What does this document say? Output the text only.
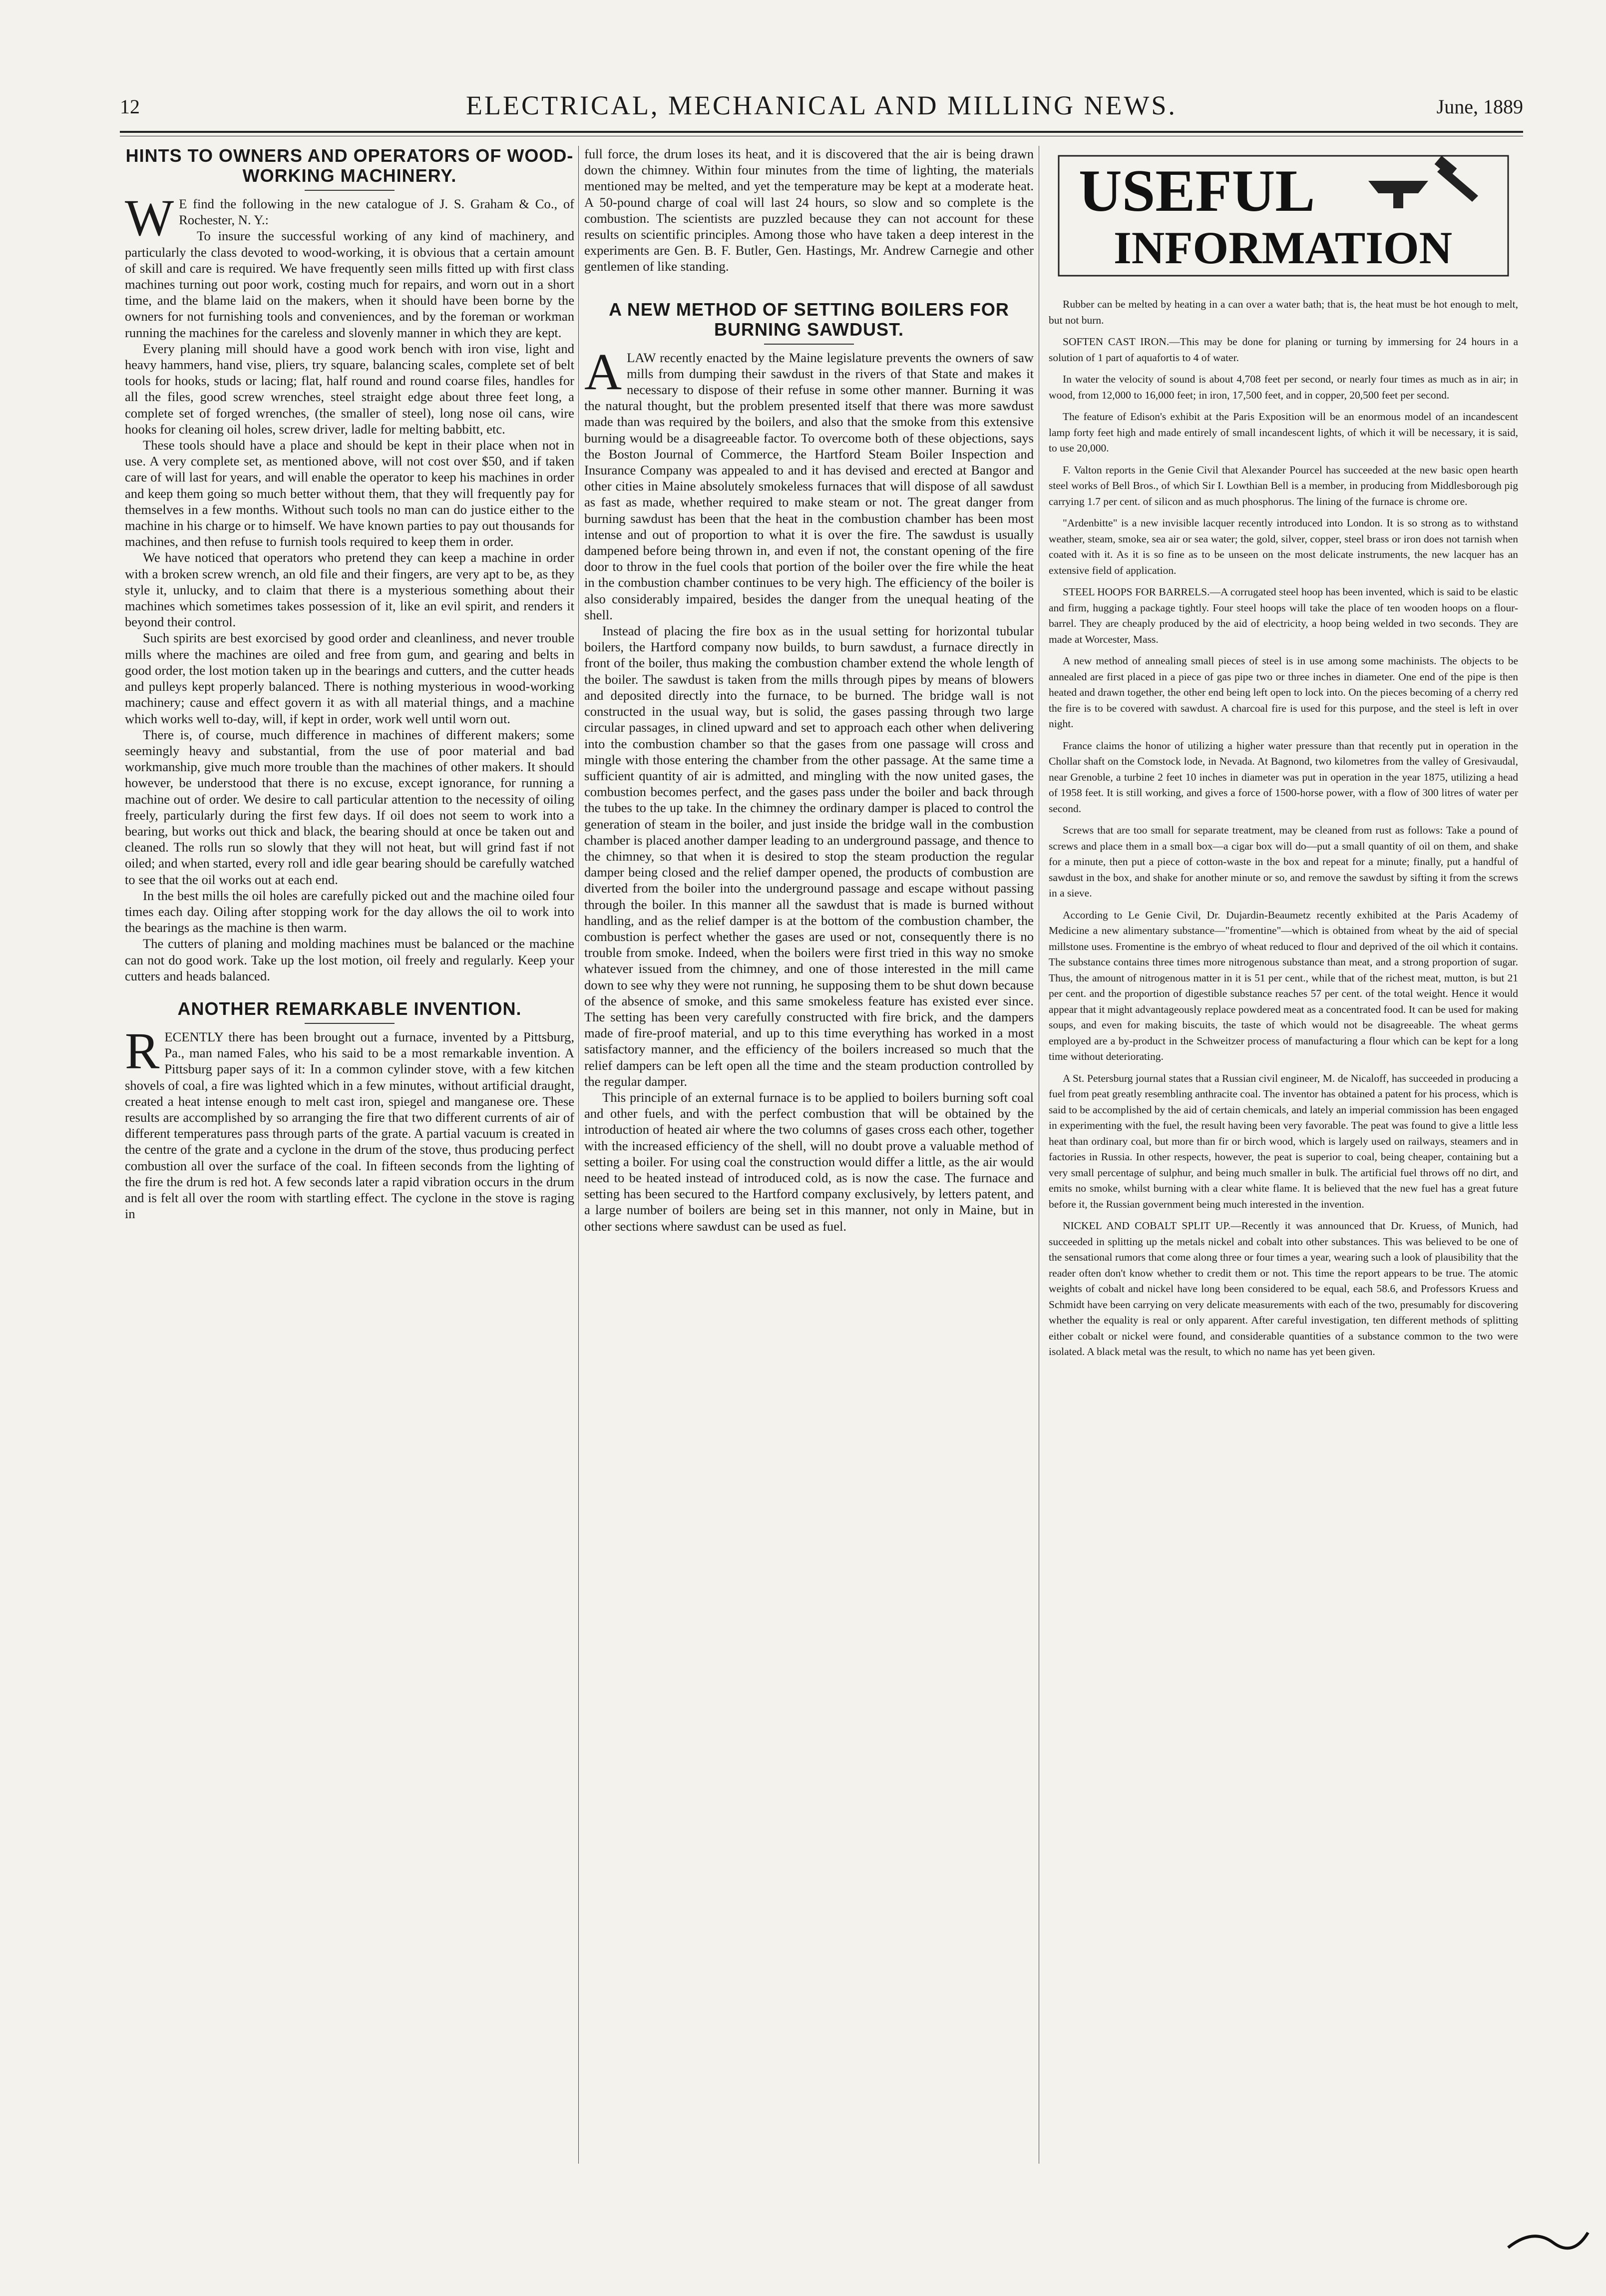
12	ELECTRICAL, MECHANICAL AND MILLING NEWS.	June, 1889
HINTS TO OWNERS AND OPERATORS OF WOOD-WORKING MACHINERY.

W E find the following in the new catalogue of J. S. Graham & Co., of Rochester, N. Y.:

To insure the successful working of any kind of machinery, and particularly the class devoted to wood-working, it is obvious that a certain amount of skill and care is required. We have frequently seen mills fitted up with first class machines turning out poor work, costing much for repairs, and worn out in a short time, and the blame laid on the makers, when it should have been borne by the owners for not furnishing tools and conveniences, and by the foreman or workman running the machines for the careless and slovenly manner in which they are kept.

Every planing mill should have a good work bench with iron vise, light and heavy hammers, hand vise, pliers, try square, balancing scales, complete set of belt tools for hooks, studs or lacing; flat, half round and round coarse files, handles for all the files, good screw wrenches, steel straight edge about three feet long, a complete set of forged wrenches, (the smaller of steel), long nose oil cans, wire hooks for cleaning oil holes, screw driver, ladle for melting babbitt, etc.

These tools should have a place and should be kept in their place when not in use. A very complete set, as mentioned above, will not cost over $50, and if taken care of will last for years, and will enable the operator to keep his machines in order and keep them going so much better without them, that they will frequently pay for themselves in a few months. Without such tools no man can do justice either to the machine in his charge or to himself. We have known parties to pay out thousands for machines, and then refuse to furnish tools required to keep them in order.

We have noticed that operators who pretend they can keep a machine in order with a broken screw wrench, an old file and their fingers, are very apt to be, as they style it, unlucky, and to claim that there is a mysterious something about their machines which sometimes takes possession of it, like an evil spirit, and renders it beyond their control.

Such spirits are best exorcised by good order and cleanliness, and never trouble mills where the machines are oiled and free from gum, and gearing and belts in good order, the lost motion taken up in the bearings and cutters, and the cutter heads and pulleys kept properly balanced. There is nothing mysterious in wood-working machinery; cause and effect govern it as with all material things, and a machine which works well to-day, will, if kept in order, work well until worn out.

There is, of course, much difference in machines of different makers; some seemingly heavy and substantial, from the use of poor material and bad workmanship, give much more trouble than the machines of other makers. It should however, be understood that there is no excuse, except ignorance, for running a machine out of order. We desire to call particular attention to the necessity of oiling freely, particularly during the first few days. If oil does not seem to work into a bearing, but works out thick and black, the bearing should at once be taken out and cleaned. The rolls run so slowly that they will not heat, but will grind fast if not oiled; and when started, every roll and idle gear bearing should be carefully watched to see that the oil works out at each end.

In the best mills the oil holes are carefully picked out and the machine oiled four times each day. Oiling after stopping work for the day allows the oil to work into the bearings as the machine is then warm.

The cutters of planing and molding machines must be balanced or the machine can not do good work. Take up the lost motion, oil freely and regularly. Keep your cutters and heads balanced.

ANOTHER REMARKABLE INVENTION.

RECENTLY there has been brought out a furnace, invented by a Pittsburg, Pa., man named Fales, who his said to be a most remarkable invention. A Pittsburg paper says of it: In a common cylinder stove, with a few kitchen shovels of coal, a fire was lighted which in a few minutes, without artificial draught, created a heat intense enough to melt cast iron, spiegel and manganese ore. These results are accomplished by so arranging the fire that two different currents of air of different temperatures pass through parts of the grate. A partial vacuum is created in the centre of the grate and a cyclone in the drum of the stove, thus producing perfect combustion all over the surface of the coal. In fifteen seconds from the lighting of the fire the drum is red hot. A few seconds later a rapid vibration occurs in the drum and is felt all over the room with startling effect. The cyclone in the stove is raging in

full force, the drum loses its heat, and it is discovered that the air is being drawn down the chimney. Within four minutes from the time of lighting, the materials mentioned may be melted, and yet the temperature may be kept at a moderate heat. A 50-pound charge of coal will last 24 hours, so slow and so complete is the combustion. The scientists are puzzled because they can not account for these results on scientific principles. Among those who have taken a deep interest in the experiments are Gen. B. F. Butler, Gen. Hastings, Mr. Andrew Carnegie and other gentlemen of like standing.

A NEW METHOD OF SETTING BOILERS FOR BURNING SAWDUST.

ALAW recently enacted by the Maine legislature prevents the owners of saw mills from dumping their sawdust in the rivers of that State and makes it necessary to dispose of their refuse in some other manner. Burning it was the natural thought, but the problem presented itself that there was more sawdust made than was required by the boilers, and also that the smoke from this extensive burning would be a disagreeable factor. To overcome both of these objections, says the Boston Journal of Commerce, the Hartford Steam Boiler Inspection and Insurance Company was appealed to and it has devised and erected at Bangor and other cities in Maine absolutely smokeless furnaces that will dispose of all sawdust as fast as made, whether required to make steam or not. The great danger from burning sawdust has been that the heat in the combustion chamber has been most intense and out of proportion to what it is over the fire. The sawdust is usually dampened before being thrown in, and even if not, the constant opening of the fire door to throw in the fuel cools that portion of the boiler over the fire while the heat in the combustion chamber continues to be very high. The efficiency of the boiler is also considerably impaired, besides the danger from the unequal heating of the shell.

Instead of placing the fire box as in the usual setting for horizontal tubular boilers, the Hartford company now builds, to burn sawdust, a furnace directly in front of the boiler, thus making the combustion chamber extend the whole length of the boiler. The sawdust is taken from the mills through pipes by means of blowers and deposited directly into the furnace, to be burned. The bridge wall is not constructed in the usual way, but is solid, the gases passing through two large circular passages, in clined upward and set to approach each other when delivering into the combustion chamber so that the gases from one passage will cross and mingle with those entering the chamber from the other passage. At the same time a sufficient quantity of air is admitted, and mingling with the now united gases, the combustion becomes perfect, and the gases pass under the boiler and back through the tubes to the up take. In the chimney the ordinary damper is placed to control the generation of steam in the boiler, and just inside the bridge wall in the combustion chamber is placed another damper leading to an underground passage, and thence to the chimney, so that when it is desired to stop the steam production the regular damper being closed and the relief damper opened, the products of combustion are diverted from the boiler into the underground passage and escape without passing through the boiler. In this manner all the sawdust that is made is burned without handling, and as the relief damper is at the bottom of the combustion chamber, the combustion is perfect whether the gases are used or not, consequently there is no trouble from smoke. Indeed, when the boilers were first tried in this way no smoke whatever issued from the chimney, and one of those interested in the mill came down to see why they were not running, he supposing them to be shut down because of the absence of smoke, and this same smokeless feature has existed ever since. The setting has been very carefully constructed with fire brick, and the dampers made of fire-proof material, and up to this time everything has worked in a most satisfactory manner, and the efficiency of the boilers increased so much that the relief dampers can be left open all the time and the steam production controlled by the regular damper.

This principle of an external furnace is to be applied to boilers burning soft coal and other fuels, and with the perfect combustion that will be obtained by the introduction of heated air where the two columns of gases cross each other, together with the increased efficiency of the shell, will no doubt prove a valuable method of setting a boiler. For using coal the construction would differ a little, as the air would need to be heated instead of introduced cold, as is now the case. The furnace and setting has been secured to the Hartford company exclusively, by letters patent, and a large number of boilers are being set in this manner, not only in Maine, but in other sections where sawdust can be used as fuel.

USEFUL
INFORMATION

Rubber can be melted by heating in a can over a water bath; that is, the heat must be hot enough to melt, but not burn.

SOFTEN CAST IRON.—This may be done for planing or turning by immersing for 24 hours in a solution of 1 part of aquafortis to 4 of water.

In water the velocity of sound is about 4,708 feet per second, or nearly four times as much as in air; in wood, from 12,000 to 16,000 feet; in iron, 17,500 feet, and in copper, 20,500 feet per second.

The feature of Edison's exhibit at the Paris Exposition will be an enormous model of an incandescent lamp forty feet high and made entirely of small incandescent lights, of which it will be necessary, it is said, to use 20,000.

F. Valton reports in the Genie Civil that Alexander Pourcel has succeeded at the new basic open hearth steel works of Bell Bros., of which Sir I. Lowthian Bell is a member, in producing from Middlesborough pig carrying 1.7 per cent. of silicon and as much phosphorus. The lining of the furnace is chrome ore.

"Ardenbitte" is a new invisible lacquer recently introduced into London. It is so strong as to withstand weather, steam, smoke, sea air or sea water; the gold, silver, copper, steel brass or iron does not tarnish when coated with it. As it is so fine as to be unseen on the most delicate instruments, the new lacquer has an extensive field of application.

STEEL HOOPS FOR BARRELS.—A corrugated steel hoop has been invented, which is said to be elastic and firm, hugging a package tightly. Four steel hoops will take the place of ten wooden hoops on a flour-barrel. They are cheaply produced by the aid of electricity, a hoop being welded in two seconds. They are made at Worcester, Mass.

A new method of annealing small pieces of steel is in use among some machinists. The objects to be annealed are first placed in a piece of gas pipe two or three inches in diameter. One end of the pipe is then heated and drawn together, the other end being left open to lock into. On the pieces becoming of a cherry red the fire is to be covered with sawdust. A charcoal fire is used for this purpose, and the steel is left in over night.

France claims the honor of utilizing a higher water pressure than that recently put in operation in the Chollar shaft on the Comstock lode, in Nevada. At Bagnond, two kilometres from the valley of Gresivaudal, near Grenoble, a turbine 2 feet 10 inches in diameter was put in operation in the year 1875, utilizing a head of 1958 feet. It is still working, and gives a force of 1500-horse power, with a flow of 300 litres of water per second.

Screws that are too small for separate treatment, may be cleaned from rust as follows: Take a pound of screws and place them in a small box—a cigar box will do—put a small quantity of oil on them, and shake for a minute, then put a piece of cotton-waste in the box and repeat for a minute; finally, put a handful of sawdust in the box, and shake for another minute or so, and remove the sawdust by sifting it from the screws in a sieve.

According to Le Genie Civil, Dr. Dujardin-Beaumetz recently exhibited at the Paris Academy of Medicine a new alimentary substance—"fromentine"—which is obtained from wheat by the aid of special millstone uses. Fromentine is the embryo of wheat reduced to flour and deprived of the oil which it contains. The substance contains three times more nitrogenous substance than meat, and a strong proportion of sugar. Thus, the amount of nitrogenous matter in it is 51 per cent., while that of the richest meat, mutton, is but 21 per cent. and the proportion of digestible substance reaches 57 per cent. of the total weight. Hence it would appear that it might advantageously replace powdered meat as a concentrated food. It can be used for making soups, and even for making biscuits, the taste of which would not be disagreeable. The wheat germs employed are a by-product in the Schweitzer process of manufacturing a flour which can be kept for a long time without deteriorating.

A St. Petersburg journal states that a Russian civil engineer, M. de Nicaloff, has succeeded in producing a fuel from peat greatly resembling anthracite coal. The inventor has obtained a patent for his process, which is said to be accomplished by the aid of certain chemicals, and lately an imperial commission has been engaged in experimenting with the fuel, the result having been very favorable. The peat was found to give a little less heat than ordinary coal, but more than fir or birch wood, which is largely used on railways, steamers and in factories in Russia. In other respects, however, the peat is superior to coal, being cheaper, containing but a very small percentage of sulphur, and being much smaller in bulk. The artificial fuel throws off no dirt, and emits no smoke, whilst burning with a clear white flame. It is believed that the new fuel has a great future before it, the Russian government being much interested in the invention.

NICKEL AND COBALT SPLIT UP.—Recently it was announced that Dr. Kruess, of Munich, had succeeded in splitting up the metals nickel and cobalt into other substances. This was believed to be one of the sensational rumors that come along three or four times a year, wearing such a look of plausibility that the reader often don't know whether to credit them or not. This time the report appears to be true. The atomic weights of cobalt and nickel have long been considered to be equal, each 58.6, and Professors Kruess and Schmidt have been carrying on very delicate measurements with each of the two, presumably for discovering whether the equality is real or only apparent. After careful investigation, ten different methods of splitting either cobalt or nickel were found, and considerable quantities of a substance common to the two were isolated. A black metal was the result, to which no name has yet been given.
